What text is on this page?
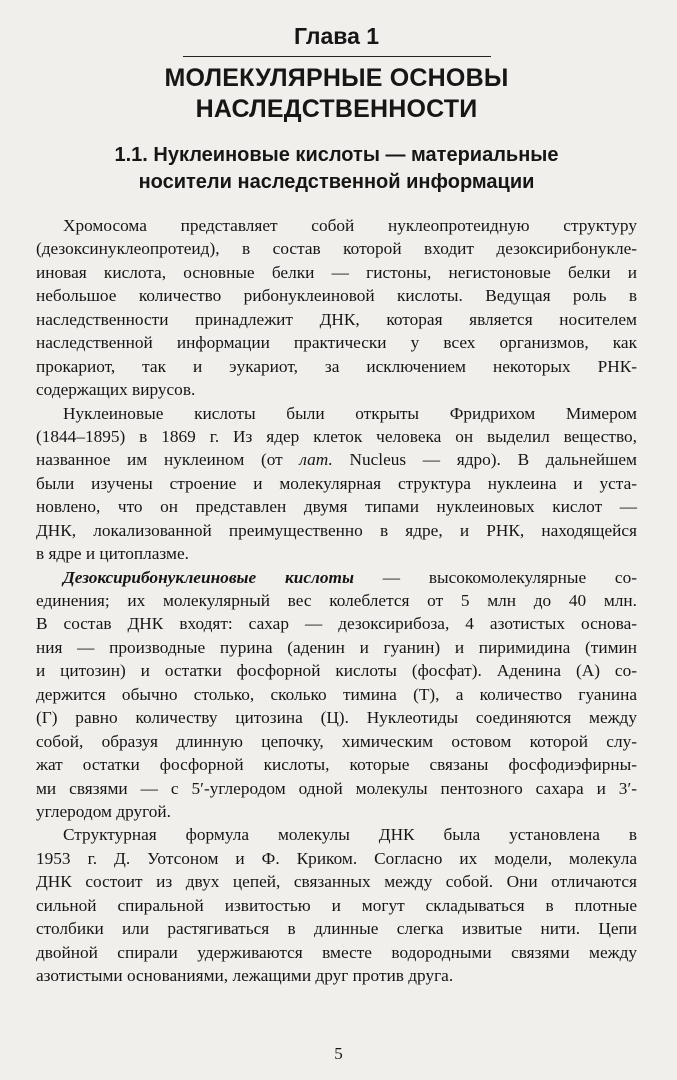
Глава 1
МОЛЕКУЛЯРНЫЕ ОСНОВЫ
НАСЛЕДСТВЕННОСТИ
1.1. Нуклеиновые кислоты — материальные
носители наследственной информации
Хромосома представляет собой нуклеопротеидную структуру
(дезоксинуклеопротеид), в состав которой входит дезоксирибонукле-
иновая кислота, основные белки — гистоны, негистоновые белки и
небольшое количество рибонуклеиновой кислоты. Ведущая роль в
наследственности принадлежит ДНК, которая является носителем
наследственной информации практически у всех организмов, как
прокариот, так и эукариот, за исключением некоторых РНК-
содержащих вирусов.
Нуклеиновые кислоты были открыты Фридрихом Мимером
(1844–1895) в 1869 г. Из ядер клеток человека он выделил вещество,
названное им нуклеином (от лат. Nucleus — ядро). В дальнейшем
были изучены строение и молекулярная структура нуклеина и уста-
новлено, что он представлен двумя типами нуклеиновых кислот —
ДНК, локализованной преимущественно в ядре, и РНК, находящейся
в ядре и цитоплазме.
Дезоксирибонуклеиновые кислоты — высокомолекулярные со-
единения; их молекулярный вес колеблется от 5 млн до 40 млн.
В состав ДНК входят: сахар — дезоксирибоза, 4 азотистых основа-
ния — производные пурина (аденин и гуанин) и пиримидина (тимин
и цитозин) и остатки фосфорной кислоты (фосфат). Аденина (А) со-
держится обычно столько, сколько тимина (Т), а количество гуанина
(Г) равно количеству цитозина (Ц). Нуклеотиды соединяются между
собой, образуя длинную цепочку, химическим остовом которой слу-
жат остатки фосфорной кислоты, которые связаны фосфодиэфирны-
ми связями — с 5′-углеродом одной молекулы пентозного сахара и 3′-
углеродом другой.
Структурная формула молекулы ДНК была установлена в
1953 г. Д. Уотсоном и Ф. Криком. Согласно их модели, молекула
ДНК состоит из двух цепей, связанных между собой. Они отличаются
сильной спиральной извитостью и могут складываться в плотные
столбики или растягиваться в длинные слегка извитые нити. Цепи
двойной спирали удерживаются вместе водородными связями между
азотистыми основаниями, лежащими друг против друга.
5
